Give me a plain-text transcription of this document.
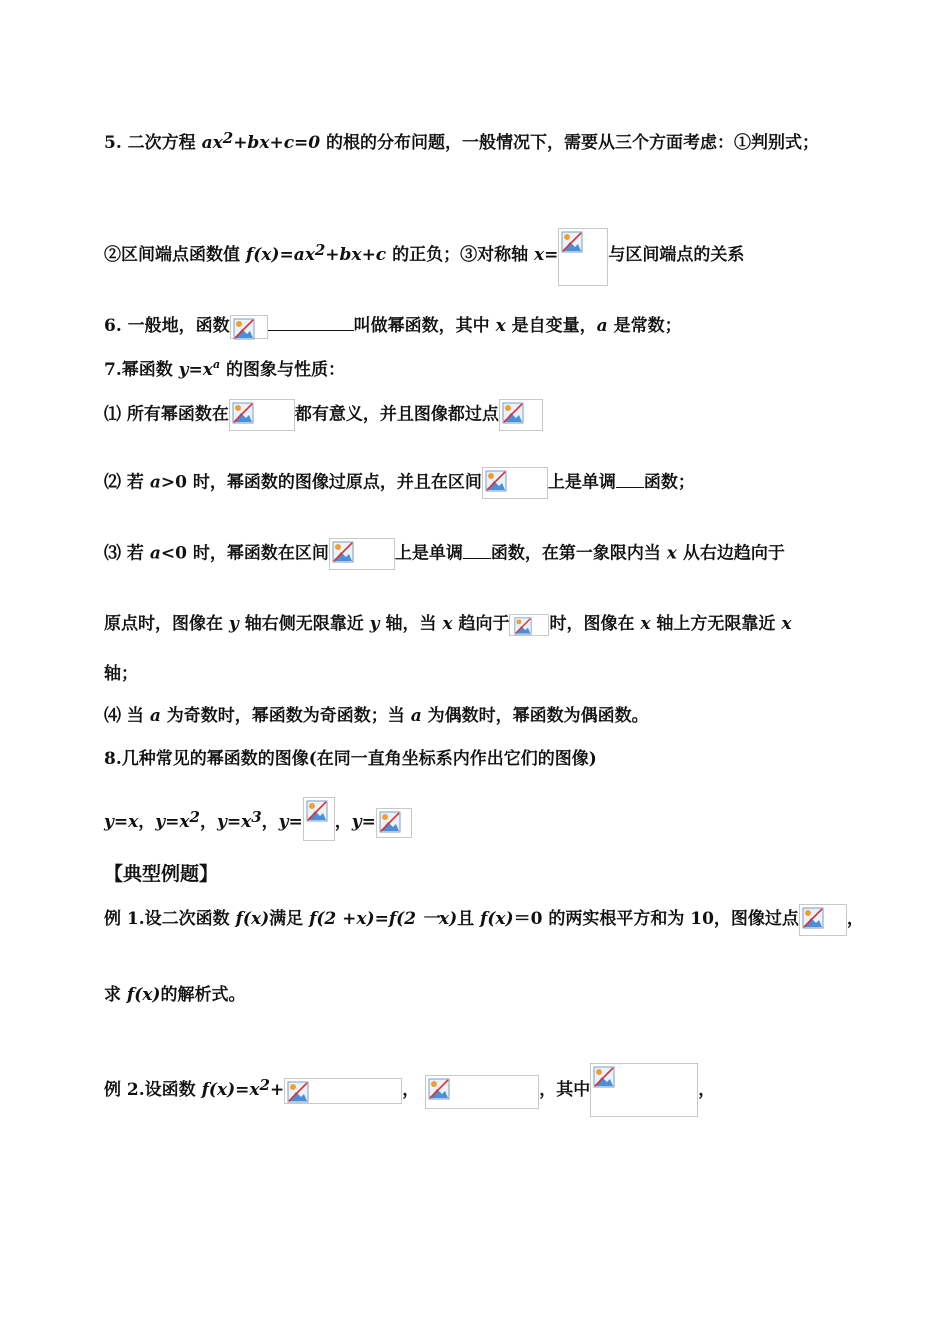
5. 二次方程 $ax^2+bx+c=0$ 的根的分布问题，一般情况下，需要从三个方面考虑：①判别式；
②区间端点函数值 $f(x)=ax^2+bx+c$ 的正负；③对称轴 x=	与区间端点的关系
6. 一般地，函数	叫做幂函数，其中 x 是自变量，a 是常数；
7.幂函数 $y=x^a$ 的图象与性质：
⑴ 所有幂函数在	都有意义，并且图像都过点
⑵ 若 a>0 时，幂函数的图像过原点，并且在区间	上是单调 函数；
⑶ 若 a<0 时，幂函数在区间	上是单调 函数，在第一象限内当 x 从右边趋向于
原点时，图像在 y 轴右侧无限靠近 y 轴，当 x 趋向于 时，图像在 x 轴上方无限靠近 x
轴；
⑷ 当 a 为奇数时，幂函数为奇函数；当 a 为偶数时，幂函数为偶函数。
8.几种常见的幂函数的图像(在同一直角坐标系内作出它们的图像)
y=x，$y=x^2$，$y=x^3$，y= ，y=
【典型例题】
例 1.设二次函数 f(x)满足 f(2 +x)=f(2 一x)且 f(x)＝0 的两实根平方和为 10，图像过点	，
求 f(x)的解析式。
例 2.设函数 $f(x)=x^2+$	，	，其中	，
